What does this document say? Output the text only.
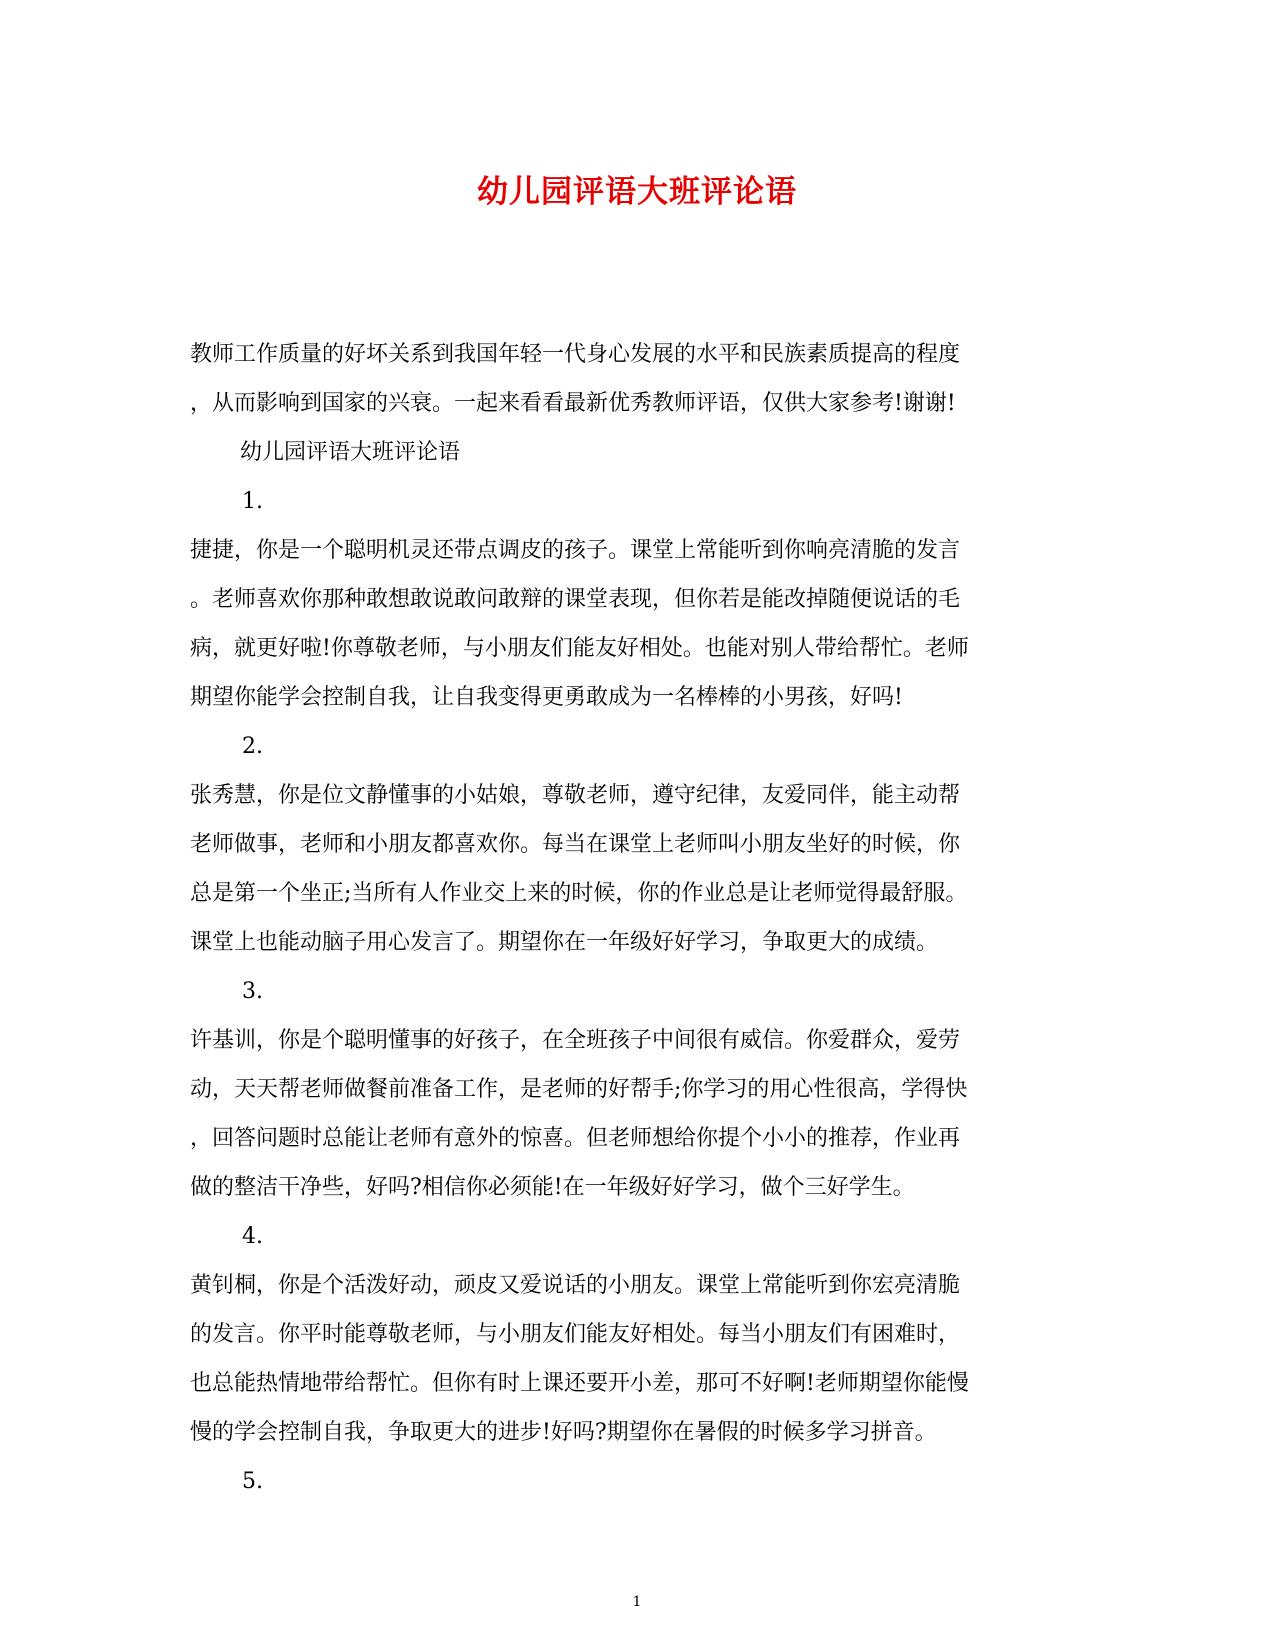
幼儿园评语大班评论语
教师工作质量的好坏关系到我国年轻一代身心发展的水平和民族素质提高的程度
，从而影响到国家的兴衰。一起来看看最新优秀教师评语，仅供大家参考!谢谢!
幼儿园评语大班评论语
1.
捷捷，你是一个聪明机灵还带点调皮的孩子。课堂上常能听到你响亮清脆的发言
。老师喜欢你那种敢想敢说敢问敢辩的课堂表现，但你若是能改掉随便说话的毛
病，就更好啦!你尊敬老师，与小朋友们能友好相处。也能对别人带给帮忙。老师
期望你能学会控制自我，让自我变得更勇敢成为一名棒棒的小男孩，好吗!
2.
张秀慧，你是位文静懂事的小姑娘，尊敬老师，遵守纪律，友爱同伴，能主动帮
老师做事，老师和小朋友都喜欢你。每当在课堂上老师叫小朋友坐好的时候，你
总是第一个坐正;当所有人作业交上来的时候，你的作业总是让老师觉得最舒服。
课堂上也能动脑子用心发言了。期望你在一年级好好学习，争取更大的成绩。
3.
许基训，你是个聪明懂事的好孩子，在全班孩子中间很有威信。你爱群众，爱劳
动，天天帮老师做餐前准备工作，是老师的好帮手;你学习的用心性很高，学得快
，回答问题时总能让老师有意外的惊喜。但老师想给你提个小小的推荐，作业再
做的整洁干净些，好吗?相信你必须能!在一年级好好学习，做个三好学生。
4.
黄钊桐，你是个活泼好动，顽皮又爱说话的小朋友。课堂上常能听到你宏亮清脆
的发言。你平时能尊敬老师，与小朋友们能友好相处。每当小朋友们有困难时，
也总能热情地带给帮忙。但你有时上课还要开小差，那可不好啊!老师期望你能慢
慢的学会控制自我，争取更大的进步!好吗?期望你在暑假的时候多学习拼音。
5.
1
